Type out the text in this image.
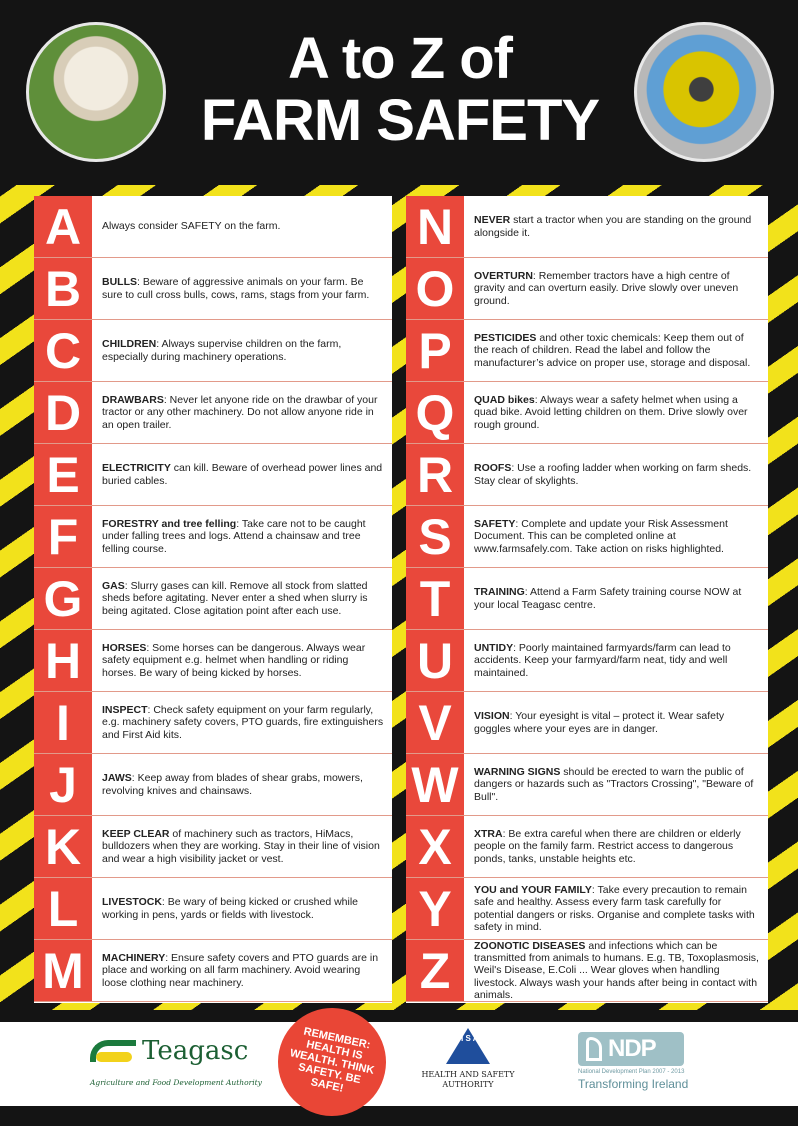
A to Z of
FARM SAFETY
A	Always consider SAFETY on the farm.
B	BULLS: Beware of aggressive animals on your farm. Be sure to cull cross bulls, cows, rams, stags from your farm.
C	CHILDREN: Always supervise children on the farm, especially during machinery operations.
D	DRAWBARS: Never let anyone ride on the drawbar of your tractor or any other machinery. Do not allow anyone ride in an open trailer.
E	ELECTRICITY can kill. Beware of overhead power lines and buried cables.
F	FORESTRY and tree felling: Take care not to be caught under falling trees and logs. Attend a chainsaw and tree felling course.
G	GAS: Slurry gases can kill. Remove all stock from slatted sheds before agitating. Never enter a shed when slurry is being agitated. Close agitation point after each use.
H	HORSES: Some horses can be dangerous. Always wear safety equipment e.g. helmet when handling or riding horses. Be wary of being kicked by horses.
I	INSPECT: Check safety equipment on your farm regularly, e.g. machinery safety covers, PTO guards, fire extinguishers and First Aid kits.
J	JAWS: Keep away from blades of shear grabs, mowers, revolving knives and chainsaws.
K	KEEP CLEAR of machinery such as tractors, HiMacs, bulldozers when they are working. Stay in their line of vision and wear a high visibility jacket or vest.
L	LIVESTOCK: Be wary of being kicked or crushed while working in pens, yards or fields with livestock.
M	MACHINERY: Ensure safety covers and PTO guards are in place and working on all farm machinery. Avoid wearing loose clothing near machinery.
N	NEVER start a tractor when you are standing on the ground alongside it.
O	OVERTURN: Remember tractors have a high centre of gravity and can overturn easily. Drive slowly over uneven ground.
P	PESTICIDES and other toxic chemicals: Keep them out of the reach of children. Read the label and follow the manufacturer’s advice on proper use, storage and disposal.
Q	QUAD bikes: Always wear a safety helmet when using a quad bike. Avoid letting children on them. Drive slowly over rough ground.
R	ROOFS: Use a roofing ladder when working on farm sheds. Stay clear of skylights.
S	SAFETY: Complete and update your Risk Assessment Document. This can be completed online at www.farmsafely.com. Take action on risks highlighted.
T	TRAINING: Attend a Farm Safety training course NOW at your local Teagasc centre.
U	UNTIDY: Poorly maintained farmyards/farm can lead to accidents. Keep your farmyard/farm neat, tidy and well maintained.
V	VISION: Your eyesight is vital – protect it. Wear safety goggles where your eyes are in danger.
W	WARNING SIGNS should be erected to warn the public of dangers or hazards such as "Tractors Crossing", "Beware of Bull".
X	XTRA: Be extra careful when there are children or elderly people on the family farm. Restrict access to dangerous ponds, tanks, unstable heights etc.
Y	YOU and YOUR FAMILY: Take every precaution to remain safe and healthy. Assess every farm task carefully for potential dangers or risks. Organise and complete tasks with safety in mind.
Z	ZOONOTIC DISEASES and infections which can be transmitted from animals to humans. E.g. TB, Toxoplasmosis, Weil's Disease, E.Coli ... Wear gloves when handling livestock. Always wash your hands after being in contact with animals.
Teagasc
Agriculture and Food Development Authority
REMEMBER: HEALTH IS WEALTH. THINK SAFETY. BE SAFE!
H S A
HEALTH AND SAFETY AUTHORITY
NDP
National Development Plan 2007 - 2013
Transforming Ireland
